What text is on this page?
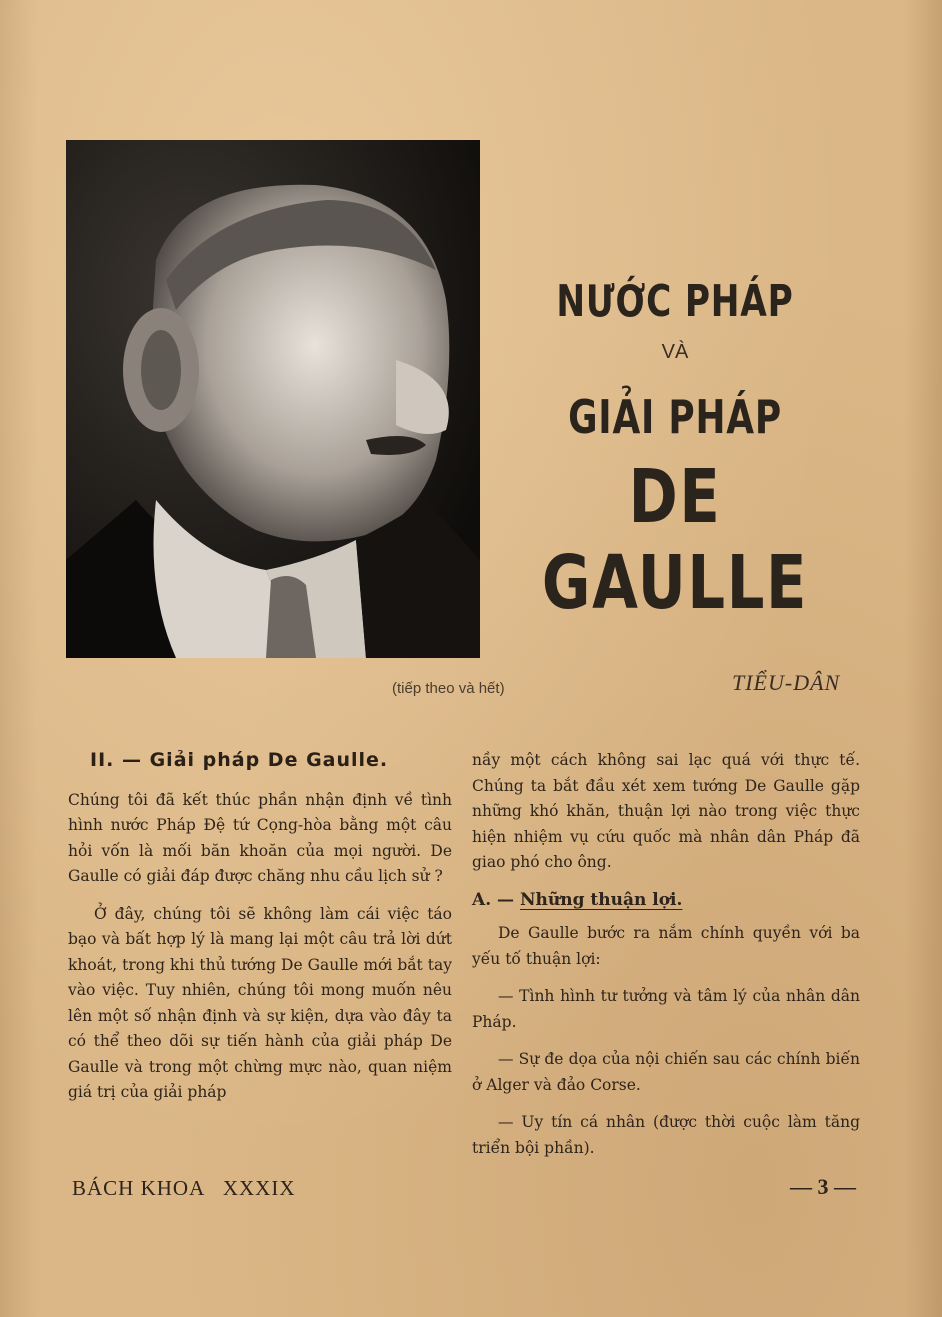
NƯỚC PHÁP
VÀ
GIẢI PHÁP
DE GAULLE
(tiếp theo và hết)	TIỂU-DÂN
II. — Giải pháp De Gaulle.

Chúng tôi đã kết thúc phần nhận định về tình hình nước Pháp Đệ tứ Cọng-hòa bằng một câu hỏi vốn là mối băn khoăn của mọi người. De Gaulle có giải đáp được chăng nhu cầu lịch sử ?

Ở đây, chúng tôi sẽ không làm cái việc táo bạo và bất hợp lý là mang lại một câu trả lời dứt khoát, trong khi thủ tướng De Gaulle mới bắt tay vào việc. Tuy nhiên, chúng tôi mong muốn nêu lên một số nhận định và sự kiện, dựa vào đây ta có thể theo dõi sự tiến hành của giải pháp De Gaulle và trong một chừng mực nào, quan niệm giá trị của giải pháp

nầy một cách không sai lạc quá với thực tế. Chúng ta bắt đầu xét xem tướng De Gaulle gặp những khó khăn, thuận lợi nào trong việc thực hiện nhiệm vụ cứu quốc mà nhân dân Pháp đã giao phó cho ông.

A. — Những thuận lợi.

De Gaulle bước ra nắm chính quyền với ba yếu tố thuận lợi:

— Tình hình tư tưởng và tâm lý của nhân dân Pháp.

— Sự đe dọa của nội chiến sau các chính biến ở Alger và đảo Corse.

— Uy tín cá nhân (được thời cuộc làm tăng triển bội phần).

BÁCH KHOA   XXXIX	— 3 —
